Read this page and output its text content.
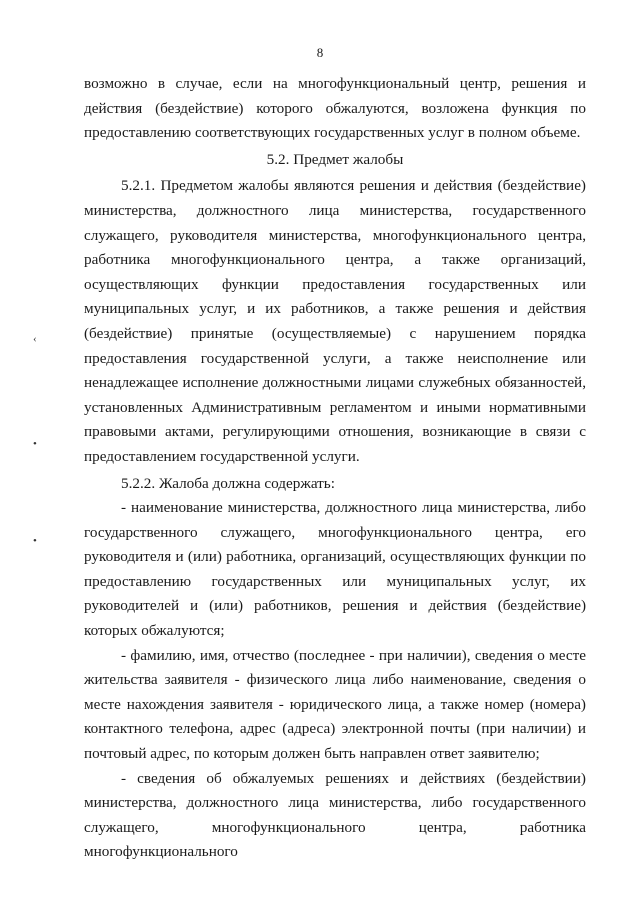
8

возможно в случае, если на многофункциональный центр, решения и действия (бездействие) которого обжалуются, возложена функция по предоставлению соответствующих государственных услуг в полном объеме.

5.2. Предмет жалобы

5.2.1. Предметом жалобы являются решения и действия (бездействие) министерства, должностного лица министерства, государственного служащего, руководителя министерства, многофункционального центра, работника многофункционального центра, а также организаций, осуществляющих функции предоставления государственных или муниципальных услуг, и их работников, а также решения и действия (бездействие) принятые (осуществляемые) с нарушением порядка предоставления государственной услуги, а также неисполнение или ненадлежащее исполнение должностными лицами служебных обязанностей, установленных Административным регламентом и иными нормативными правовыми актами, регулирующими отношения, возникающие в связи с предоставлением государственной услуги.

5.2.2. Жалоба должна содержать:

- наименование министерства, должностного лица министерства, либо государственного служащего, многофункционального центра, его руководителя и (или) работника, организаций, осуществляющих функции по предоставлению государственных или муниципальных услуг, их руководителей и (или) работников, решения и действия (бездействие) которых обжалуются;

- фамилию, имя, отчество (последнее - при наличии), сведения о месте жительства заявителя - физического лица либо наименование, сведения о месте нахождения заявителя - юридического лица, а также номер (номера) контактного телефона, адрес (адреса) электронной почты (при наличии) и почтовый адрес, по которым должен быть направлен ответ заявителю;

- сведения об обжалуемых решениях и действиях (бездействии) министерства, должностного лица министерства, либо государственного служащего, многофункционального центра, работника многофункционального

‹
•
•
